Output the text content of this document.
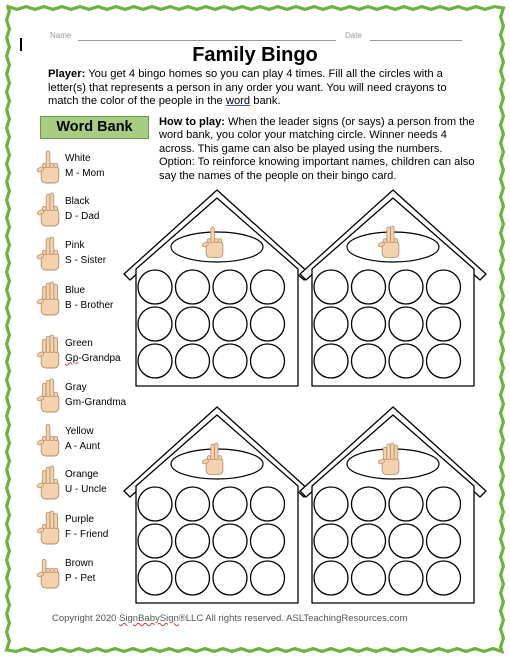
Name	Date
Family Bingo
Player: You get 4 bingo homes so you can play 4 times. Fill all the circles with a letter(s) that represents a person in any order you want. You will need crayons to match the color of the people in the word bank.
Word Bank	How to play: When the leader signs (or says) a person from the word bank, you color your matching circle. Winner needs 4 across. This game can also be played using the numbers. Option: To reinforce knowing important names, children can also say the names of the people on their bingo card.
White
M - Mom
Black
D - Dad
Pink
S - Sister
Blue
B - Brother
Green
Gp-Grandpa
Gray
Gm-Grandma
Yellow
A - Aunt
Orange
U - Uncle
Purple
F - Friend
Brown
P - Pet
Copyright 2020 SignBabySign®LLC All rights reserved. ASLTeachingResources.com
